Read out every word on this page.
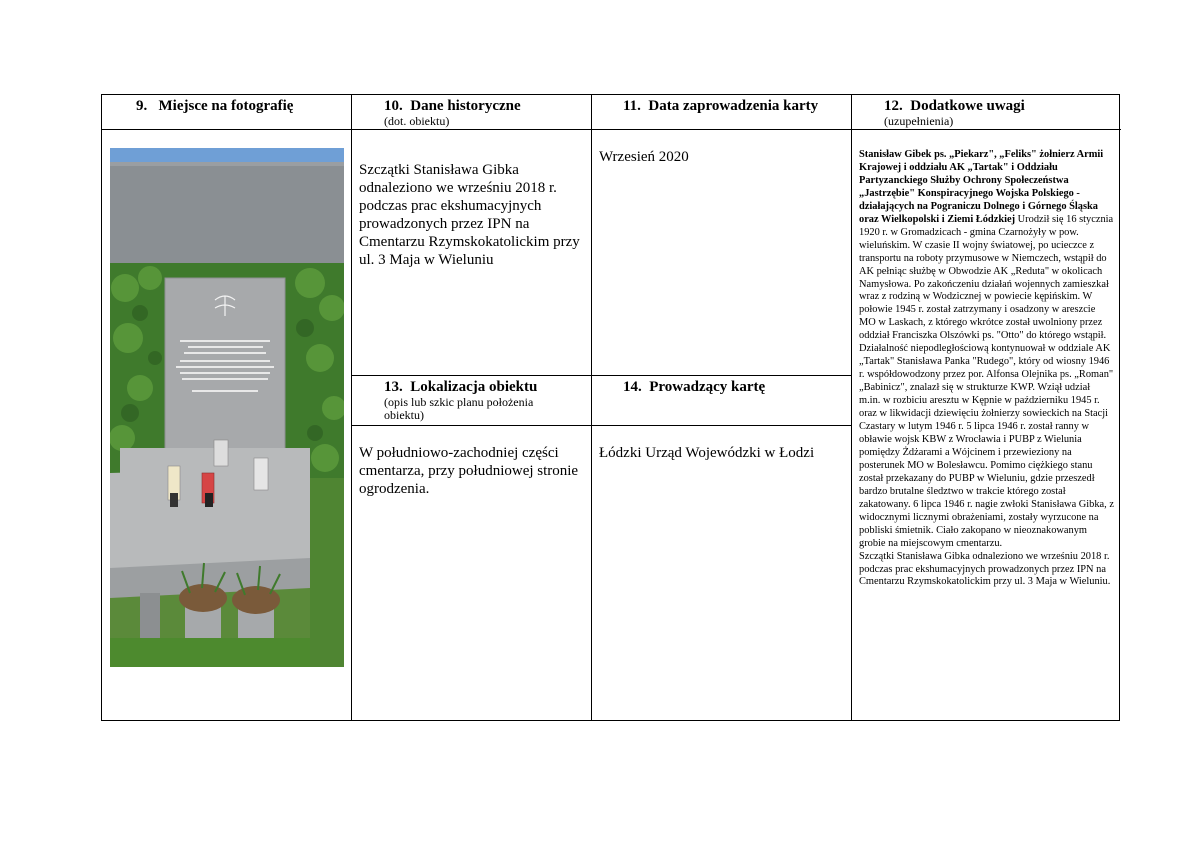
9.   Miejsce na fotografię	10.  Dane historyczne
(dot. obiektu)
11.  Data zaprowadzenia karty	12.  Dodatkowe uwagi
(uzupełnienia)
13.  Lokalizacja obiektu
(opis lub szkic planu położenia obiektu)
14.  Prowadzący kartę
Szczątki Stanisława Gibka odnaleziono we wrześniu 2018 r. podczas prac ekshumacyjnych prowadzonych przez IPN na Cmentarzu Rzymskokatolickim przy ul. 3 Maja w Wieluniu
Wrzesień 2020
W południowo-zachodniej części cmentarza, przy południowej stronie ogrodzenia.
Łódzki Urząd Wojewódzki w Łodzi
Stanisław Gibek ps. „Piekarz", „Feliks" żołnierz Armii Krajowej i oddziału AK „Tartak" i Oddziału Partyzanckiego Służby Ochrony Społeczeństwa „Jastrzębie" Konspiracyjnego Wojska Polskiego - działających na Pograniczu Dolnego i Górnego Śląska oraz Wielkopolski i Ziemi Łódzkiej Urodził się 16 stycznia 1920 r. w Gromadzicach - gmina Czarnożyły w pow. wieluńskim. W czasie II wojny światowej, po ucieczce z transportu na roboty przymusowe w Niemczech, wstąpił do AK pełniąc służbę w Obwodzie AK „Reduta" w okolicach Namysłowa. Po zakończeniu działań wojennych zamieszkał wraz z rodziną w Wodzicznej w powiecie kępińskim. W połowie 1945 r. został zatrzymany i osadzony w areszcie MO w Laskach, z którego wkrótce został uwolniony przez oddział Franciszka Olszówki ps. "Otto" do którego wstąpił. Działalność niepodległościową kontynuował w oddziale AK „Tartak" Stanisława Panka "Rudego", który od wiosny 1946 r. współdowodzony przez por. Alfonsa Olejnika ps. „Roman" „Babinicz", znalazł się w strukturze KWP. Wziął udział m.in. w rozbiciu aresztu w Kępnie w październiku 1945 r. oraz w likwidacji dziewięciu żołnierzy sowieckich na Stacji Czastary w lutym 1946 r. 5 lipca 1946 r. został ranny w obławie wojsk KBW z Wrocławia i PUBP z Wielunia pomiędzy Żdżarami a Wójcinem i przewieziony na posterunek MO w Bolesławcu. Pomimo ciężkiego stanu został przekazany do PUBP w Wieluniu, gdzie przeszedł bardzo brutalne śledztwo w trakcie którego został zakatowany. 6 lipca 1946 r. nagie zwłoki Stanisława Gibka, z widocznymi licznymi obrażeniami, zostały wyrzucone na pobliski śmietnik. Ciało zakopano w nieoznakowanym grobie na miejscowym cmentarzu.
Szczątki Stanisława Gibka odnaleziono we wrześniu 2018 r. podczas prac ekshumacyjnych prowadzonych przez IPN na Cmentarzu Rzymskokatolickim przy ul. 3 Maja w Wieluniu.
